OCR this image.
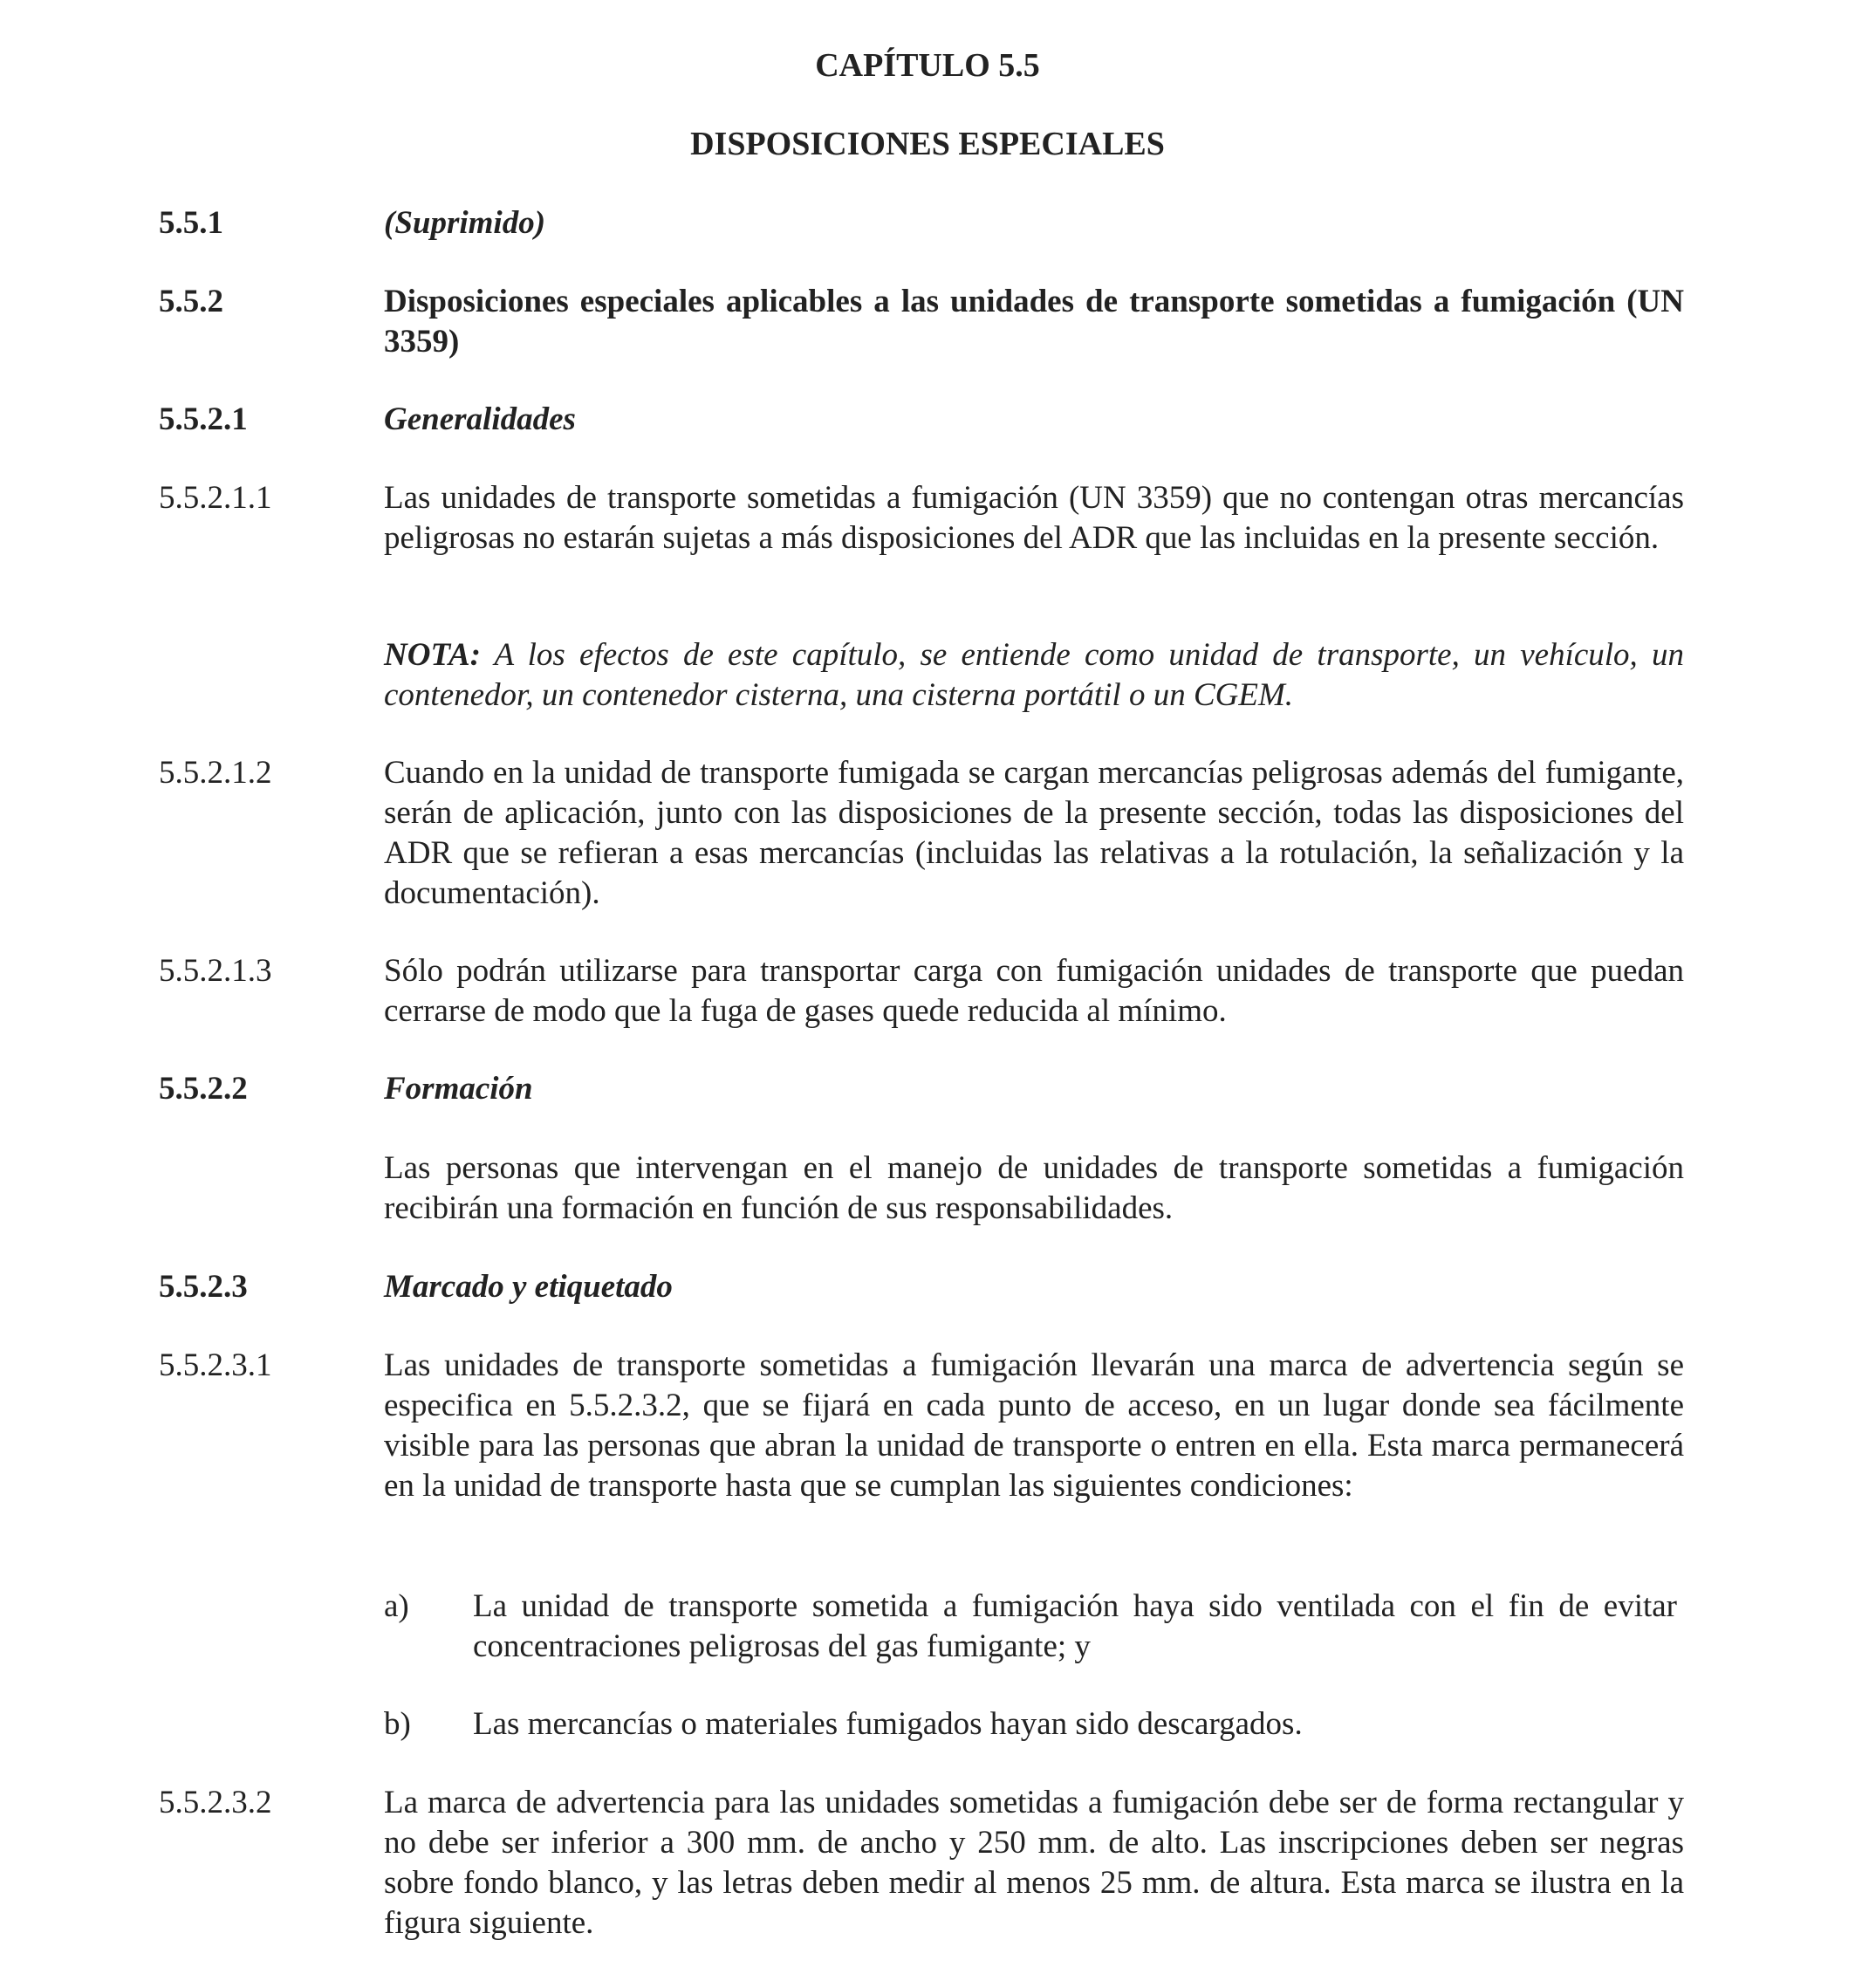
CAPÍTULO 5.5
DISPOSICIONES ESPECIALES
5.5.1	(Suprimido)
5.5.2	Disposiciones especiales aplicables a las unidades de transporte sometidas a fumigación (UN 3359)

5.5.2.1	Generalidades
5.5.2.1.1	Las unidades de transporte sometidas a fumigación (UN 3359) que no contengan otras mercancías peligrosas no estarán sujetas a más disposiciones del ADR que las incluidas en la presente sección.

NOTA: A los efectos de este capítulo, se entiende como unidad de transporte, un vehículo, un contenedor, un contenedor cisterna, una cisterna portátil o un CGEM.

5.5.2.1.2	Cuando en la unidad de transporte fumigada se cargan mercancías peligrosas además del fumigante, serán de aplicación, junto con las disposiciones de la presente sección, todas las disposiciones del ADR que se refieran a esas mercancías (incluidas las relativas a la rotulación, la señalización y la documentación).

5.5.2.1.3	Sólo podrán utilizarse para transportar carga con fumigación unidades de transporte que puedan cerrarse de modo que la fuga de gases quede reducida al mínimo.

5.5.2.2	Formación

Las personas que intervengan en el manejo de unidades de transporte sometidas a fumigación recibirán una formación en función de sus responsabilidades.

5.5.2.3	Marcado y etiquetado
5.5.2.3.1	Las unidades de transporte sometidas a fumigación llevarán una marca de advertencia según se especifica en 5.5.2.3.2, que se fijará en cada punto de acceso, en un lugar donde sea fácilmente visible para las personas que abran la unidad de transporte o entren en ella. Esta marca permanecerá en la unidad de transporte hasta que se cumplan las siguientes condiciones:

a) La unidad de transporte sometida a fumigación haya sido ventilada con el fin de evitar concentraciones peligrosas del gas fumigante; y

b) Las mercancías o materiales fumigados hayan sido descargados.

5.5.2.3.2	La marca de advertencia para las unidades sometidas a fumigación debe ser de forma rectangular y no debe ser inferior a 300 mm. de ancho y 250 mm. de alto. Las inscripciones deben ser negras sobre fondo blanco, y las letras deben medir al menos 25 mm. de altura. Esta marca se ilustra en la figura siguiente.
